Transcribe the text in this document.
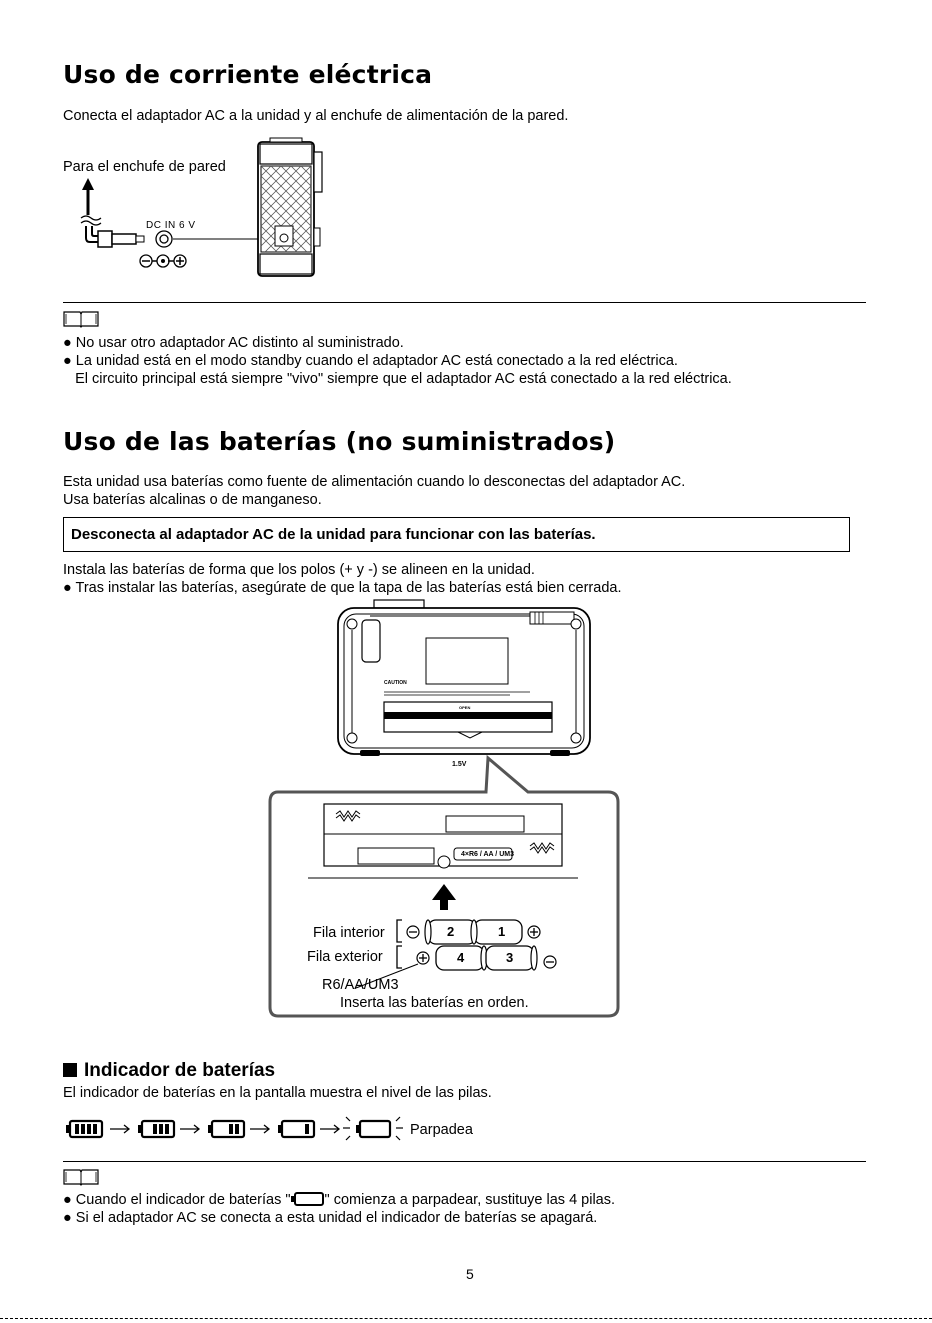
Uso de corriente eléctrica
Conecta el adaptador AC a la unidad y al enchufe de alimentación de la pared.
Para el enchufe de pared
DC IN 6 V
● No usar otro adaptador AC distinto al suministrado.
● La unidad está en el modo standby cuando el adaptador AC está conectado a la red eléctrica.
El circuito principal está siempre "vivo" siempre que el adaptador AC está conectado a la red eléctrica.
Uso de las baterías (no suministrados)
Esta unidad usa baterías como fuente de alimentación cuando lo desconectas del adaptador AC.
Usa baterías alcalinas o de manganeso.
Desconecta al adaptador AC de la unidad para funcionar con las baterías.
Instala las baterías de forma que los polos (+ y -) se alineen en la unidad.
● Tras instalar las baterías, asegúrate de que la tapa de las baterías está bien cerrada.
CAUTION
OPEN
1.5V
4×R6 / AA / UM3
2	1
4	3
Fila interior
Fila exterior
R6/AA/UM3
Inserta las baterías en orden.
Indicador de baterías
El indicador de baterías en la pantalla muestra el nivel de las pilas.
Parpadea
● Cuando el indicador de baterías " " comienza a parpadear, sustituye las 4 pilas.
● Si el adaptador AC se conecta a esta unidad el indicador de baterías se apagará.
5
